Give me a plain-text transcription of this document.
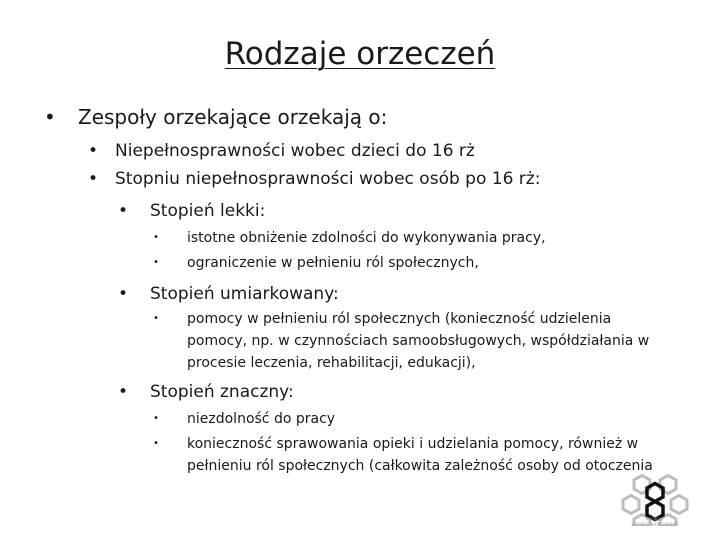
Rodzaje orzeczeń
• Zespoły orzekające orzekają o:
• Niepełnosprawności wobec dzieci do 16 rż
• Stopniu niepełnosprawności wobec osób po 16 rż:
• Stopień lekki:
• istotne obniżenie zdolności do wykonywania pracy,
• ograniczenie w pełnieniu ról społecznych,
• Stopień umiarkowany:
• pomocy w pełnieniu ról społecznych (konieczność udzielenia
pomocy, np. w czynnościach samoobsługowych, współdziałania w
procesie leczenia, rehabilitacji, edukacji),
• Stopień znaczny:
• niezdolność do pracy
• konieczność sprawowania opieki i udzielania pomocy, również w
pełnieniu ról społecznych (całkowita zależność osoby od otoczenia
PROJEKT WSPÓŁFINANSOWANY
